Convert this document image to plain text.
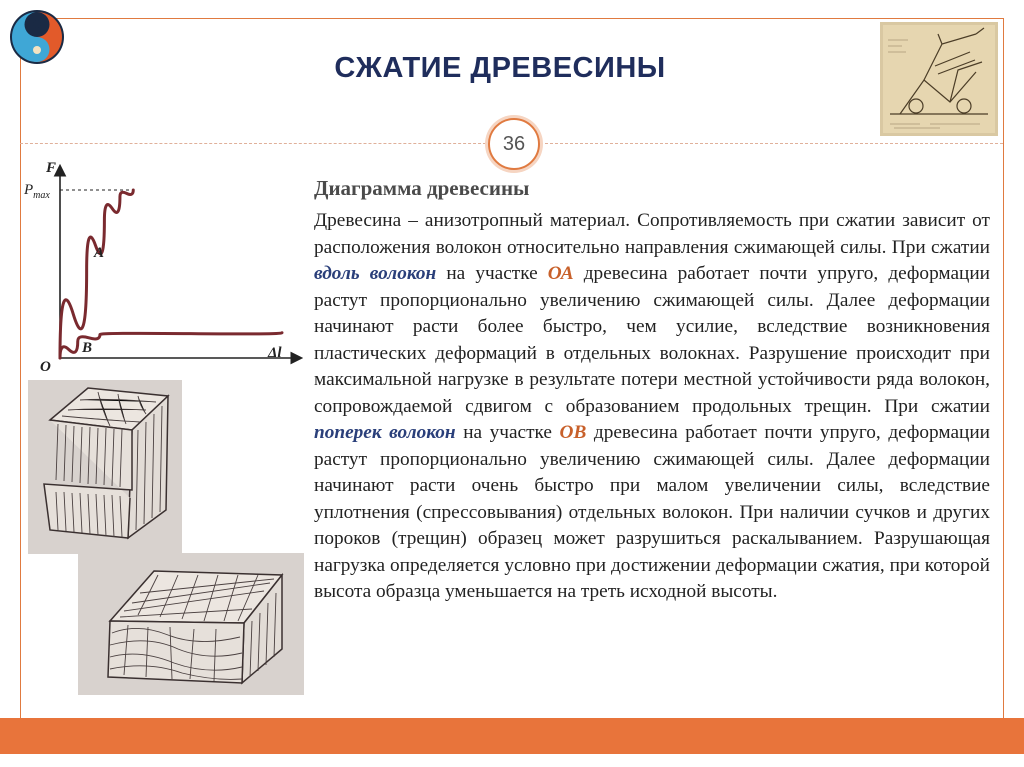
СЖАТИЕ ДРЕВЕСИНЫ
36
F
$P_{max}$
A
B
O
Δl
Диаграмма древесины
Древесина – анизотропный материал. Сопротивляемость при сжатии зависит от расположения волокон относительно направления сжимающей силы. При сжатии вдоль волокон на участке ОА древесина работает почти упруго, деформации растут пропорционально увеличению сжимающей силы. Далее деформации начинают расти более быстро, чем усилие, вследствие возникновения пластических деформаций в отдельных волокнах. Разрушение происходит при максимальной нагрузке в результате потери местной устойчивости ряда волокон, сопровождаемой сдвигом с образованием продольных трещин. При сжатии поперек волокон на участке ОВ древесина работает почти упруго, деформации растут пропорционально увеличению сжимающей силы. Далее деформации начинают расти очень быстро при малом увеличении силы, вследствие уплотнения (спрессовывания) отдельных волокон. При наличии сучков и других пороков (трещин) образец может разрушиться раскалыванием. Разрушающая нагрузка определяется условно при достижении деформации сжатия, при которой высота образца уменьшается на треть исходной высоты.
